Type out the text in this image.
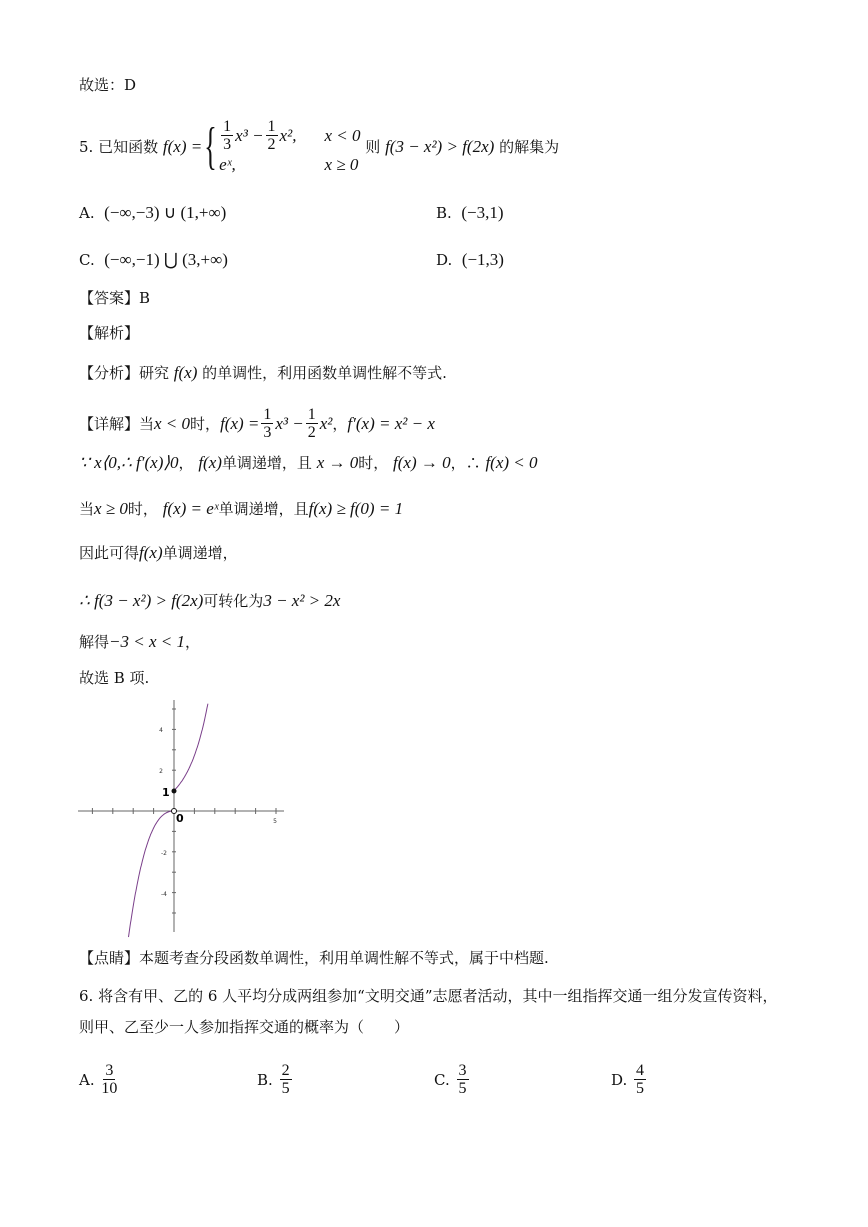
故选：D
5.
已知函数
f(x) = { $\frac{1}{3} x^3 - \frac{1}{2} x^2$, x < 0
eˣ,	x ≥ 0

则
f(3 − x²) > f(2x)
的解集为
A. (−∞,−3) ∪ (1,+∞)	B. (−3,1)
C. (−∞,−1) ⋃ (3,+∞)	D. (−1,3)
【答案】B
【解析】
【分析】研究 f(x) 的单调性，利用函数单调性解不等式.
【详解】当 x < 0 时， $f(x) = \frac{1}{3} x^3 - \frac{1}{2} x^2$ ， f′(x) = x² − x
∵ x⟨0,∴ f′(x)⟩0， f(x)单调递增，且 x → 0时， f(x) → 0，∴ f(x) < 0
当x ≥ 0时， f(x) = eˣ单调递增，且f(x) ≥ f(0) = 1
因此可得f(x)单调递增，
∴ f(3 − x²) > f(2x)可转化为3 − x² > 2x
解得−3 < x < 1，
故选 B 项.
4
2
-2
-4
5
1
0
【点睛】本题考查分段函数单调性，利用单调性解不等式，属于中档题.
6. 将含有甲、乙的 6 人平均分成两组参加“文明交通”志愿者活动，其中一组指挥交通一组分发宣传资料，
则甲、乙至少一人参加指挥交通的概率为（　　）
A.
$\frac{3}{10}$	B.
$\frac{2}{5}$	C.
$\frac{3}{5}$	D.
$\frac{4}{5}$
